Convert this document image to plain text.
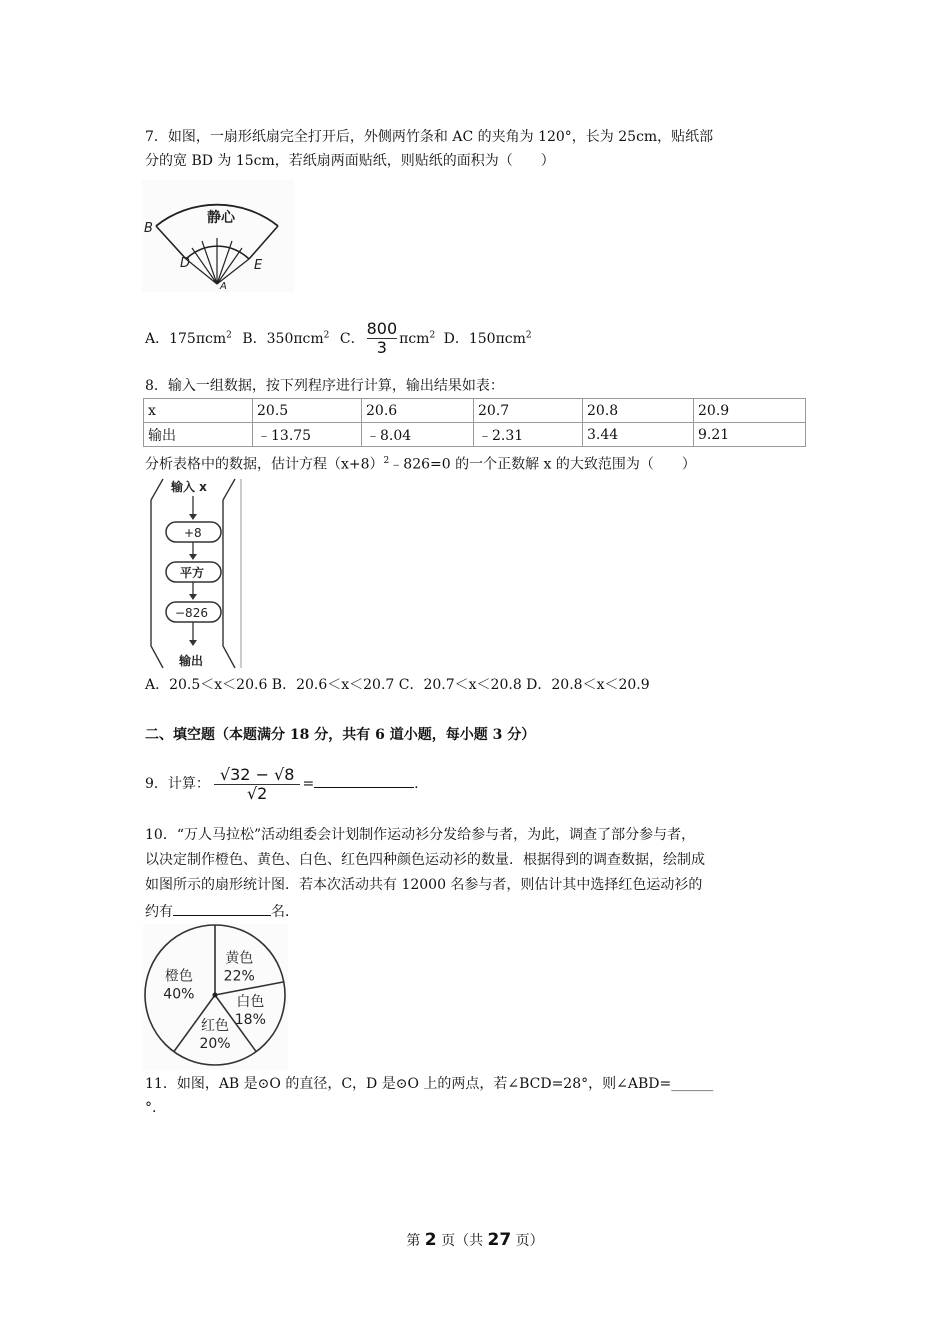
7．如图，一扇形纸扇完全打开后，外侧两竹条和 AC 的夹角为 120°，长为 25cm，贴纸部
分的宽 BD 为 15cm，若纸扇两面贴纸，则贴纸的面积为（　　）
静心
B
D	E
A
A．175πcm$^2$ B．350πcm$^2$ C． $\frac{800}{3} \pi cm^2$ D．150πcm$^2$
8．输入一组数据，按下列程序进行计算，输出结果如表：
x	20.5	20.6	20.7	20.8	20.9
输出	﹣13.75	﹣8.04	﹣2.31	3.44	9.21
分析表格中的数据，估计方程$(x+8)^2﹣826=0$ 的一个正数解 x 的大致范围为（　　）
输入 x
+8
平方
−826
输出
A．20.5＜x＜20.6 B．20.6＜x＜20.7 C．20.7＜x＜20.8 D．20.8＜x＜20.9
二、填空题（本题满分 18 分，共有 6 道小题，每小题 3 分）
9．计算： $\frac{√32 - √8}{√2}$ =	.
10．“万人马拉松”活动组委会计划制作运动衫分发给参与者，为此，调查了部分参与者，
以决定制作橙色、黄色、白色、红色四种颜色运动衫的数量．根据得到的调查数据，绘制成
如图所示的扇形统计图．若本次活动共有 12000 名参与者，则估计其中选择红色运动衫的
约有	名．
黄色
22%
白色
18%
红色
20%
橙色
40%
11．如图，AB 是⊙O 的直径，C，D 是⊙O 上的两点，若∠BCD=28°，则∠ABD=______
°.
第 2 页（共 27 页）
